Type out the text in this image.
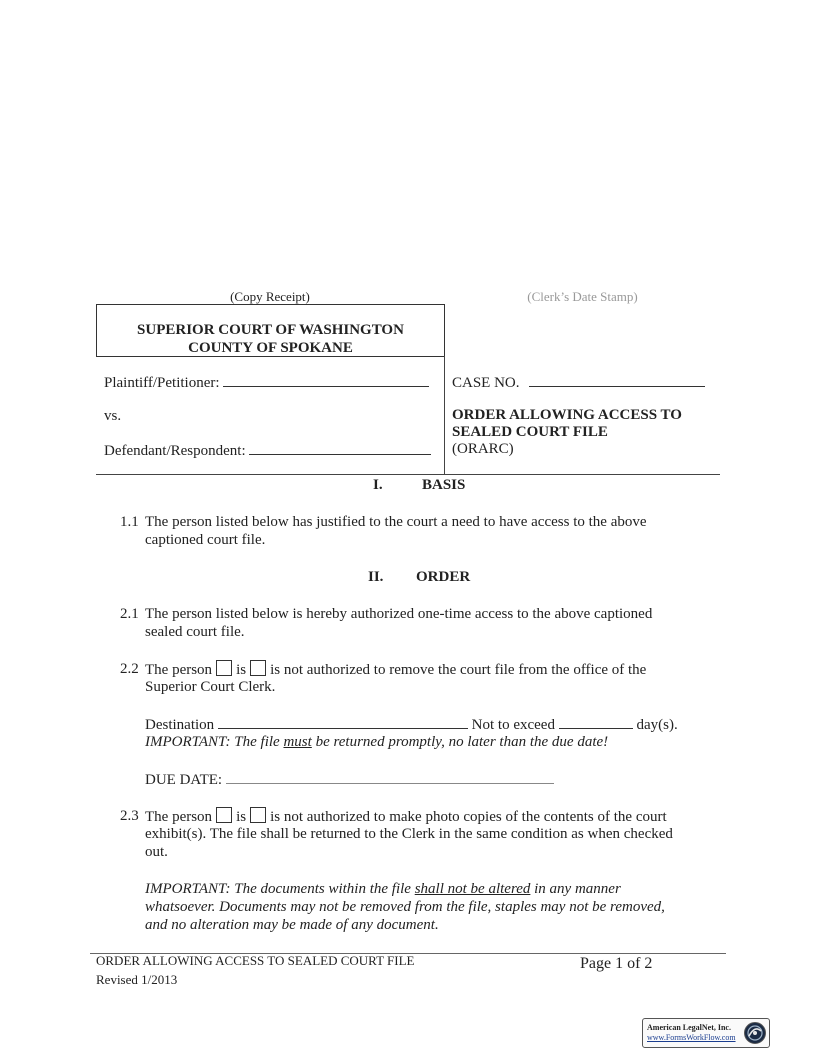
(Copy Receipt)	(Clerk’s Date Stamp)
SUPERIOR COURT OF WASHINGTON
COUNTY OF SPOKANE
Plaintiff/Petitioner:
vs.
Defendant/Respondent:
CASE NO.
ORDER ALLOWING ACCESS TO
SEALED COURT FILE
(ORARC)
I.	BASIS
1.1 The person listed below has justified to the court a need to have access to the above
captioned court file.
II. ORDER
2.1 The person listed below is hereby authorized one-time access to the above captioned
sealed court file.
2.2 The person is is not authorized to remove the court file from the office of the
Superior Court Clerk.
Destination	Not to exceed	day(s).
IMPORTANT: The file must be returned promptly, no later than the due date!
DUE DATE:
2.3 The person is is not authorized to make photo copies of the contents of the court
exhibit(s). The file shall be returned to the Clerk in the same condition as when checked
out.
IMPORTANT: The documents within the file shall not be altered in any manner
whatsoever. Documents may not be removed from the file, staples may not be removed,
and no alteration may be made of any document.
ORDER ALLOWING ACCESS TO SEALED COURT FILE
Revised 1/2013
Page 1 of 2
American LegalNet, Inc.
www.FormsWorkFlow.com
